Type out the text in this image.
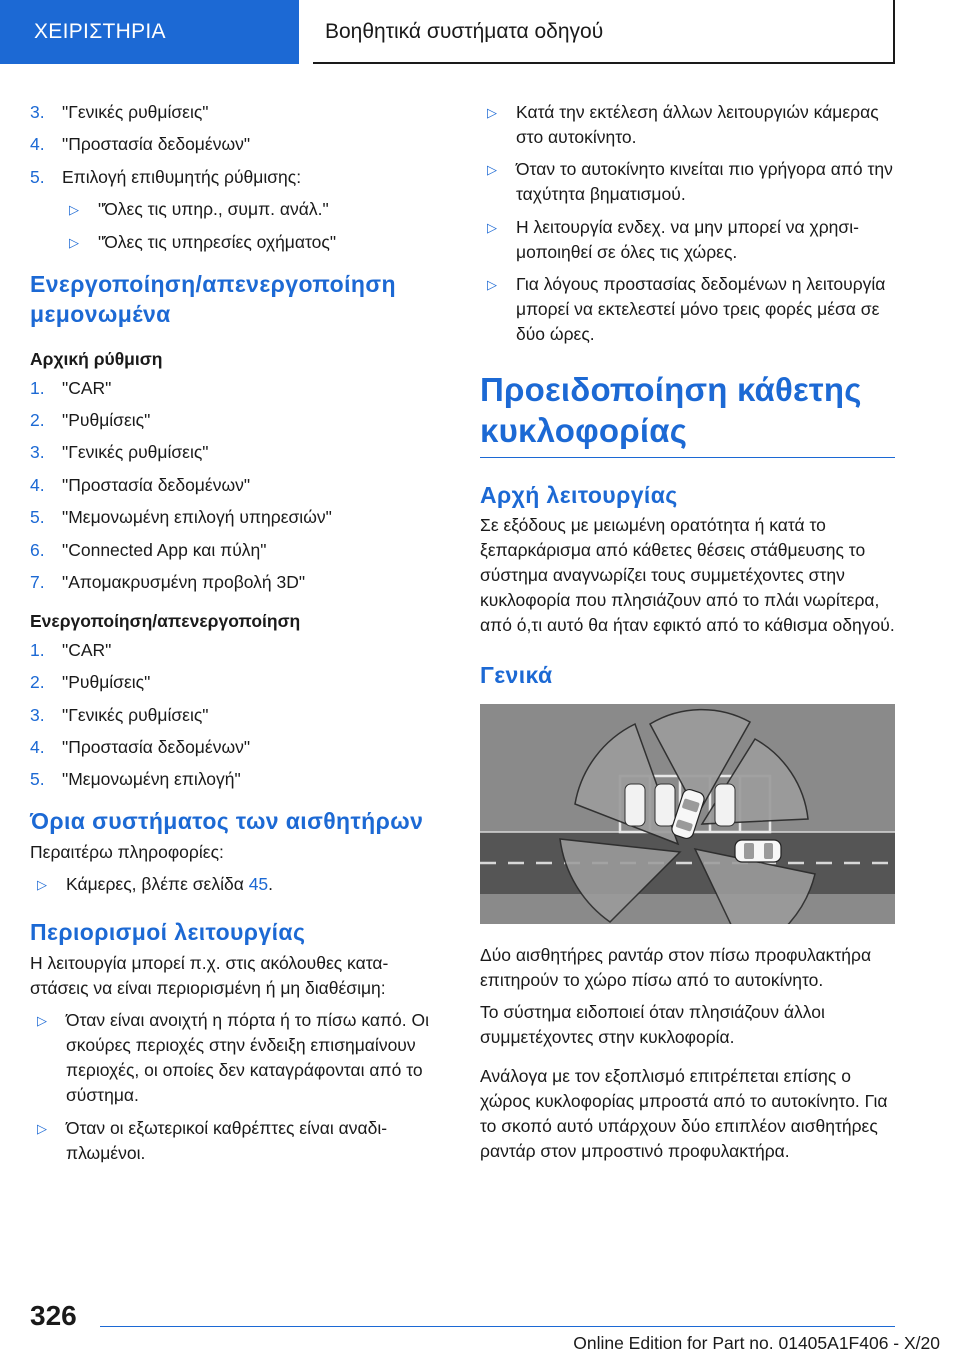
ΧΕΙΡΙΣΤΗΡΙΑ	Βοηθητικά συστήματα οδηγού
3. "Γενικές ρυθμίσεις"
4. "Προστασία δεδομένων"
5. Επιλογή επιθυμητής ρύθμισης:
▷	"Όλες τις υπηρ., συμπ. ανάλ."
▷	"Όλες τις υπηρεσίες οχήματος"
Ενεργοποίηση/απενεργοποίηση μεμονωμένα
Αρχική ρύθμιση
1. "CAR"
2. "Ρυθμίσεις"
3. "Γενικές ρυθμίσεις"
4. "Προστασία δεδομένων"
5. "Μεμονωμένη επιλογή υπηρεσιών"
6. "Connected App και πύλη"
7. "Απομακρυσμένη προβολή 3D"
Ενεργοποίηση/απενεργοποίηση
1. "CAR"
2. "Ρυθμίσεις"
3. "Γενικές ρυθμίσεις"
4. "Προστασία δεδομένων"
5. "Μεμονωμένη επιλογή"
Όρια συστήματος των αισθητήρων
Περαιτέρω πληροφορίες:
▷	Κάμερες, βλέπε σελίδα 45.
Περιορισμοί λειτουργίας
Η λειτουργία μπορεί π.χ. στις ακόλουθες καταστάσεις να είναι περιορισμένη ή μη διαθέσιμη:
▷	Όταν είναι ανοιχτή η πόρτα ή το πίσω καπό. Οι σκούρες περιοχές στην ένδειξη επισημαίνουν περιοχές, οι οποίες δεν καταγράφονται από το σύστημα.
▷	Όταν οι εξωτερικοί καθρέπτες είναι αναδιπλωμένοι.
▷	Κατά την εκτέλεση άλλων λειτουργιών κάμερας στο αυτοκίνητο.
▷	Όταν το αυτοκίνητο κινείται πιο γρήγορα από την ταχύτητα βηματισμού.
▷	Η λειτουργία ενδεχ. να μην μπορεί να χρησιμοποιηθεί σε όλες τις χώρες.
▷	Για λόγους προστασίας δεδομένων η λειτουργία μπορεί να εκτελεστεί μόνο τρεις φορές μέσα σε δύο ώρες.
Προειδοποίηση κάθετης κυκλοφορίας
Αρχή λειτουργίας
Σε εξόδους με μειωμένη ορατότητα ή κατά το ξεπαρκάρισμα από κάθετες θέσεις στάθμευσης το σύστημα αναγνωρίζει τους συμμετέχοντες στην κυκλοφορία που πλησιάζουν από το πλάι νωρίτερα, από ό,τι αυτό θα ήταν εφικτό από το κάθισμα οδηγού.
Γενικά
Δύο αισθητήρες ραντάρ στον πίσω προφυλακτήρα επιτηρούν το χώρο πίσω από το αυτοκίνητο.
Το σύστημα ειδοποιεί όταν πλησιάζουν άλλοι συμμετέχοντες στην κυκλοφορία.
Ανάλογα με τον εξοπλισμό επιτρέπεται επίσης ο χώρος κυκλοφορίας μπροστά από το αυτοκίνητο. Για το σκοπό αυτό υπάρχουν δύο επιπλέον αισθητήρες ραντάρ στον μπροστινό προφυλακτήρα.
326
Online Edition for Part no. 01405A1F406 - X/20
